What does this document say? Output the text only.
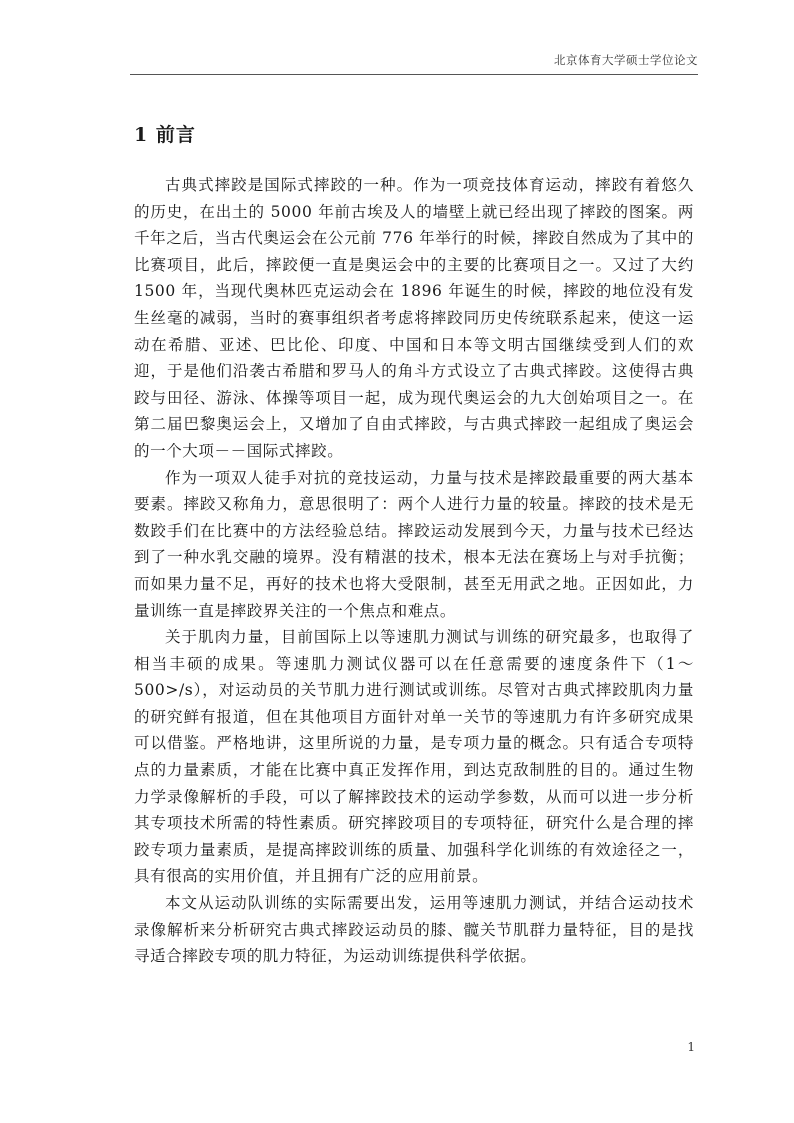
北京体育大学硕士学位论文
1 前言

古典式摔跤是国际式摔跤的一种。作为一项竞技体育运动，摔跤有着悠久的历史，在出土的 5000 年前古埃及人的墙壁上就已经出现了摔跤的图案。两千年之后，当古代奥运会在公元前 776 年举行的时候，摔跤自然成为了其中的比赛项目，此后，摔跤便一直是奥运会中的主要的比赛项目之一。又过了大约 1500 年，当现代奥林匹克运动会在 1896 年诞生的时候，摔跤的地位没有发生丝毫的减弱，当时的赛事组织者考虑将摔跤同历史传统联系起来，使这一运动在希腊、亚述、巴比伦、印度、中国和日本等文明古国继续受到人们的欢迎，于是他们沿袭古希腊和罗马人的角斗方式设立了古典式摔跤。这使得古典跤与田径、游泳、体操等项目一起，成为现代奥运会的九大创始项目之一。在第二届巴黎奥运会上，又增加了自由式摔跤，与古典式摔跤一起组成了奥运会的一个大项－－国际式摔跤。

作为一项双人徒手对抗的竞技运动，力量与技术是摔跤最重要的两大基本要素。摔跤又称角力，意思很明了：两个人进行力量的较量。摔跤的技术是无数跤手们在比赛中的方法经验总结。摔跤运动发展到今天，力量与技术已经达到了一种水乳交融的境界。没有精湛的技术，根本无法在赛场上与对手抗衡；而如果力量不足，再好的技术也将大受限制，甚至无用武之地。正因如此，力量训练一直是摔跤界关注的一个焦点和难点。

关于肌肉力量，目前国际上以等速肌力测试与训练的研究最多，也取得了相当丰硕的成果。等速肌力测试仪器可以在任意需要的速度条件下（1～500>/s），对运动员的关节肌力进行测试或训练。尽管对古典式摔跤肌肉力量的研究鲜有报道，但在其他项目方面针对单一关节的等速肌力有许多研究成果可以借鉴。严格地讲，这里所说的力量，是专项力量的概念。只有适合专项特点的力量素质，才能在比赛中真正发挥作用，到达克敌制胜的目的。通过生物力学录像解析的手段，可以了解摔跤技术的运动学参数，从而可以进一步分析其专项技术所需的特性素质。研究摔跤项目的专项特征，研究什么是合理的摔跤专项力量素质，是提高摔跤训练的质量、加强科学化训练的有效途径之一，具有很高的实用价值，并且拥有广泛的应用前景。

本文从运动队训练的实际需要出发，运用等速肌力测试，并结合运动技术录像解析来分析研究古典式摔跤运动员的膝、髋关节肌群力量特征，目的是找寻适合摔跤专项的肌力特征，为运动训练提供科学依据。

1
